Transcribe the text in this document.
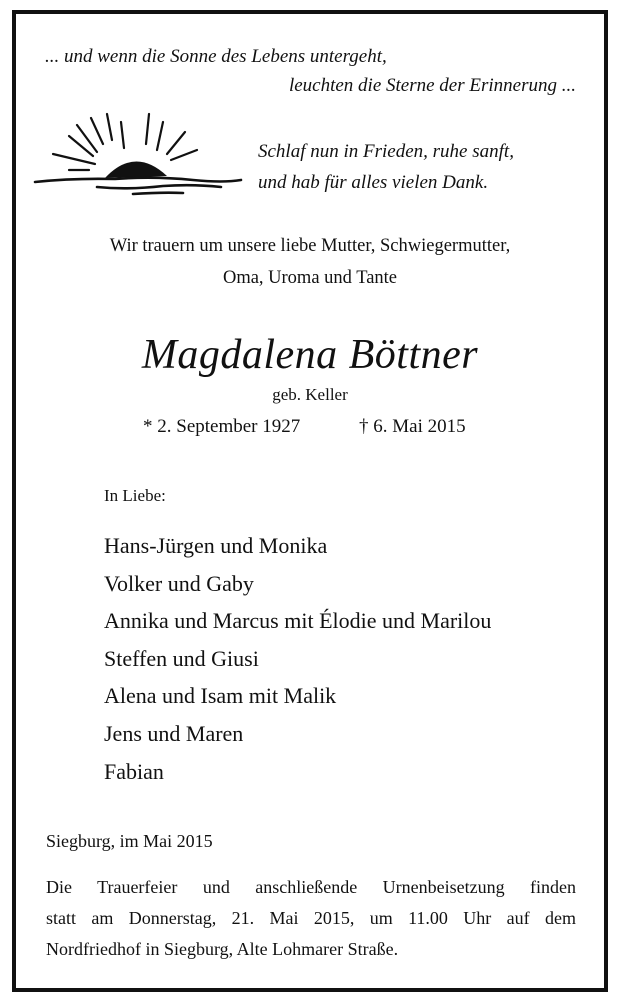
... und wenn die Sonne des Lebens untergeht,
leuchten die Sterne der Erinnerung ...
Schlaf nun in Frieden, ruhe sanft,
und hab für alles vielen Dank.
Wir trauern um unsere liebe Mutter, Schwiegermutter,
Oma, Uroma und Tante
Magdalena Böttner
geb. Keller
* 2. September 1927	† 6. Mai 2015
In Liebe:
Hans-Jürgen und Monika
Volker und Gaby
Annika und Marcus mit Élodie und Marilou
Steffen und Giusi
Alena und Isam mit Malik
Jens und Maren
Fabian
Siegburg, im Mai 2015
Die Trauerfeier und anschließende Urnenbeisetzung finden
statt am Donnerstag, 21. Mai 2015, um 11.00 Uhr auf dem
Nordfriedhof in Siegburg, Alte Lohmarer Straße.
